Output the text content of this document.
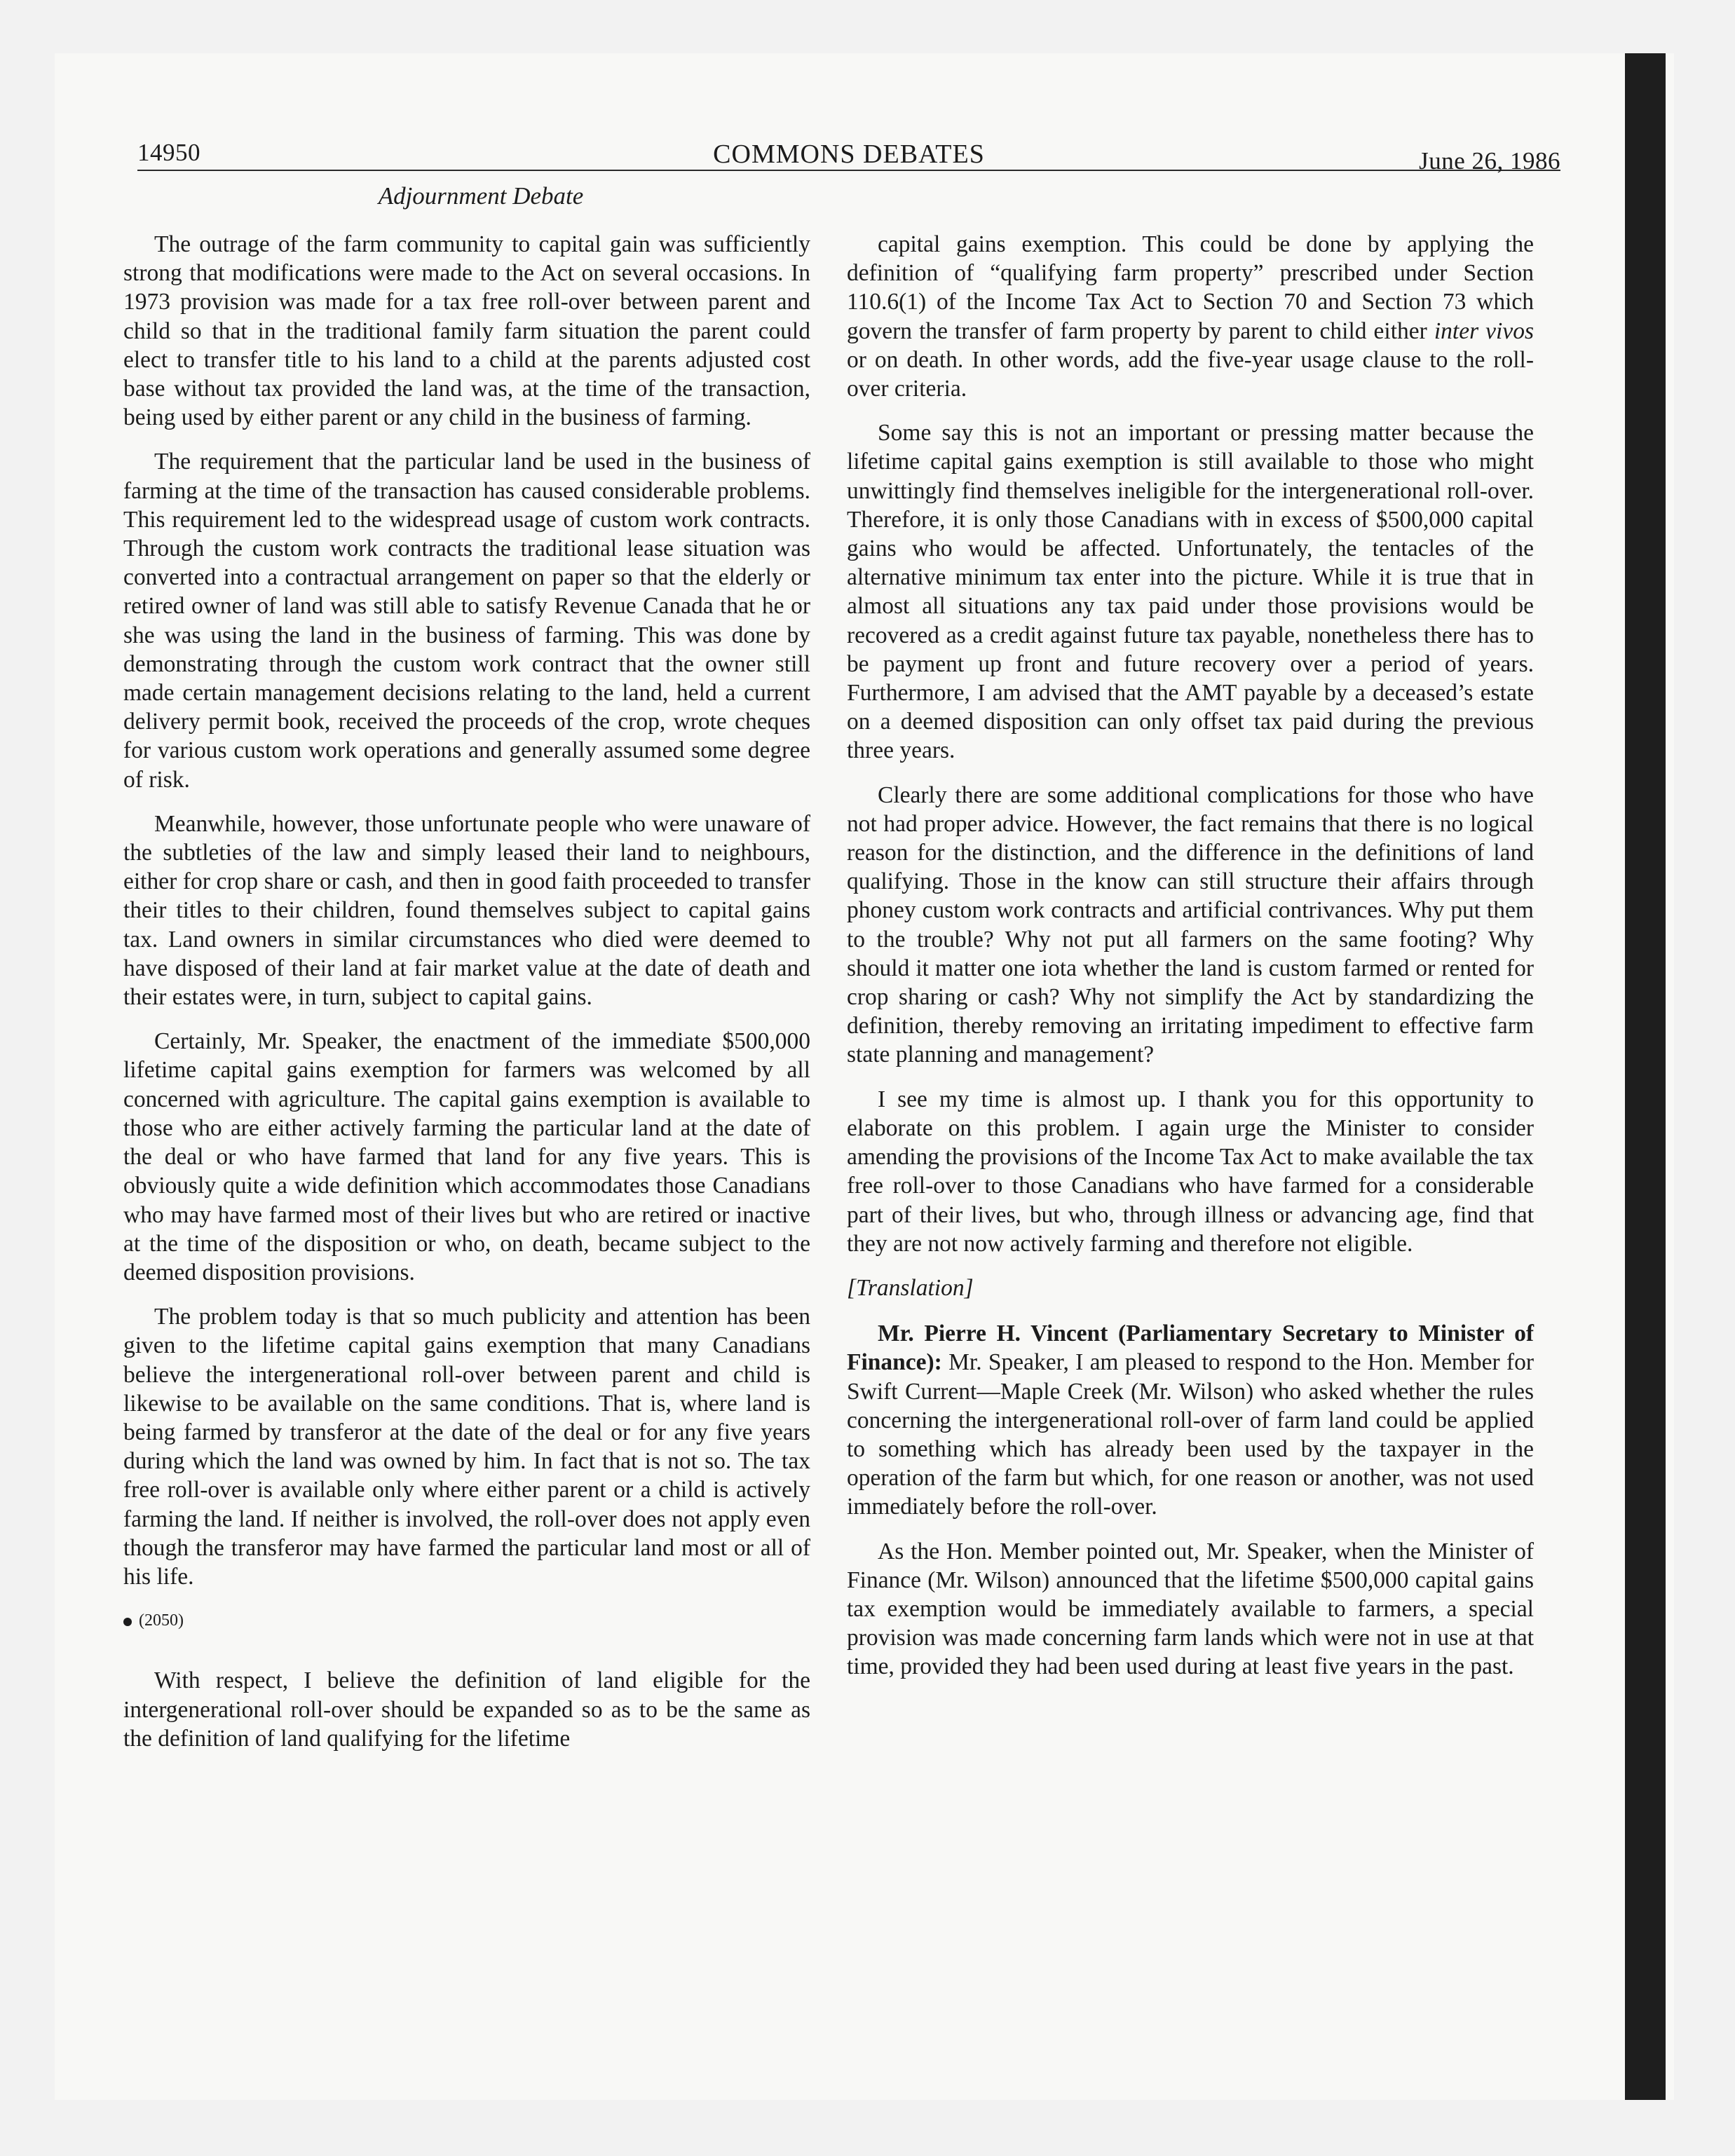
14950	COMMONS DEBATES	June 26, 1986
Adjournment Debate

The outrage of the farm community to capital gain was sufficiently strong that modifications were made to the Act on several occasions. In 1973 provision was made for a tax free roll-over between parent and child so that in the traditional family farm situation the parent could elect to transfer title to his land to a child at the parents adjusted cost base without tax provided the land was, at the time of the transaction, being used by either parent or any child in the business of farming.

The requirement that the particular land be used in the business of farming at the time of the transaction has caused considerable problems. This requirement led to the widespread usage of custom work contracts. Through the custom work contracts the traditional lease situation was converted into a contractual arrangement on paper so that the elderly or retired owner of land was still able to satisfy Revenue Canada that he or she was using the land in the business of farming. This was done by demonstrating through the custom work contract that the owner still made certain management decisions relating to the land, held a current delivery permit book, received the proceeds of the crop, wrote cheques for various custom work operations and generally assumed some degree of risk.

Meanwhile, however, those unfortunate people who were unaware of the subtleties of the law and simply leased their land to neighbours, either for crop share or cash, and then in good faith proceeded to transfer their titles to their children, found themselves subject to capital gains tax. Land owners in similar circumstances who died were deemed to have disposed of their land at fair market value at the date of death and their estates were, in turn, subject to capital gains.

Certainly, Mr. Speaker, the enactment of the immediate $500,000 lifetime capital gains exemption for farmers was welcomed by all concerned with agriculture. The capital gains exemption is available to those who are either actively farming the particular land at the date of the deal or who have farmed that land for any five years. This is obviously quite a wide definition which accommodates those Canadians who may have farmed most of their lives but who are retired or inactive at the time of the disposition or who, on death, became subject to the deemed disposition provisions.

The problem today is that so much publicity and attention has been given to the lifetime capital gains exemption that many Canadians believe the intergenerational roll-over between parent and child is likewise to be available on the same conditions. That is, where land is being farmed by transferor at the date of the deal or for any five years during which the land was owned by him. In fact that is not so. The tax free roll-over is available only where either parent or a child is actively farming the land. If neither is involved, the roll-over does not apply even though the transferor may have farmed the particular land most or all of his life.

(2050)

With respect, I believe the definition of land eligible for the intergenerational roll-over should be expanded so as to be the same as the definition of land qualifying for the lifetime

capital gains exemption. This could be done by applying the definition of “qualifying farm property” prescribed under Section 110.6(1) of the Income Tax Act to Section 70 and Section 73 which govern the transfer of farm property by parent to child either inter vivos or on death. In other words, add the five-year usage clause to the roll-over criteria.

Some say this is not an important or pressing matter because the lifetime capital gains exemption is still available to those who might unwittingly find themselves ineligible for the intergenerational roll-over. Therefore, it is only those Canadians with in excess of $500,000 capital gains who would be affected. Unfortunately, the tentacles of the alternative minimum tax enter into the picture. While it is true that in almost all situations any tax paid under those provisions would be recovered as a credit against future tax payable, nonetheless there has to be payment up front and future recovery over a period of years. Furthermore, I am advised that the AMT payable by a deceased’s estate on a deemed disposition can only offset tax paid during the previous three years.

Clearly there are some additional complications for those who have not had proper advice. However, the fact remains that there is no logical reason for the distinction, and the difference in the definitions of land qualifying. Those in the know can still structure their affairs through phoney custom work contracts and artificial contrivances. Why put them to the trouble? Why not put all farmers on the same footing? Why should it matter one iota whether the land is custom farmed or rented for crop sharing or cash? Why not simplify the Act by standardizing the definition, thereby removing an irritating impediment to effective farm state planning and management?

I see my time is almost up. I thank you for this opportunity to elaborate on this problem. I again urge the Minister to consider amending the provisions of the Income Tax Act to make available the tax free roll-over to those Canadians who have farmed for a considerable part of their lives, but who, through illness or advancing age, find that they are not now actively farming and therefore not eligible.

[Translation]

Mr. Pierre H. Vincent (Parliamentary Secretary to Minister of Finance): Mr. Speaker, I am pleased to respond to the Hon. Member for Swift Current—Maple Creek (Mr. Wilson) who asked whether the rules concerning the intergenerational roll-over of farm land could be applied to something which has already been used by the taxpayer in the operation of the farm but which, for one reason or another, was not used immediately before the roll-over.

As the Hon. Member pointed out, Mr. Speaker, when the Minister of Finance (Mr. Wilson) announced that the lifetime $500,000 capital gains tax exemption would be immediately available to farmers, a special provision was made concerning farm lands which were not in use at that time, provided they had been used during at least five years in the past.
